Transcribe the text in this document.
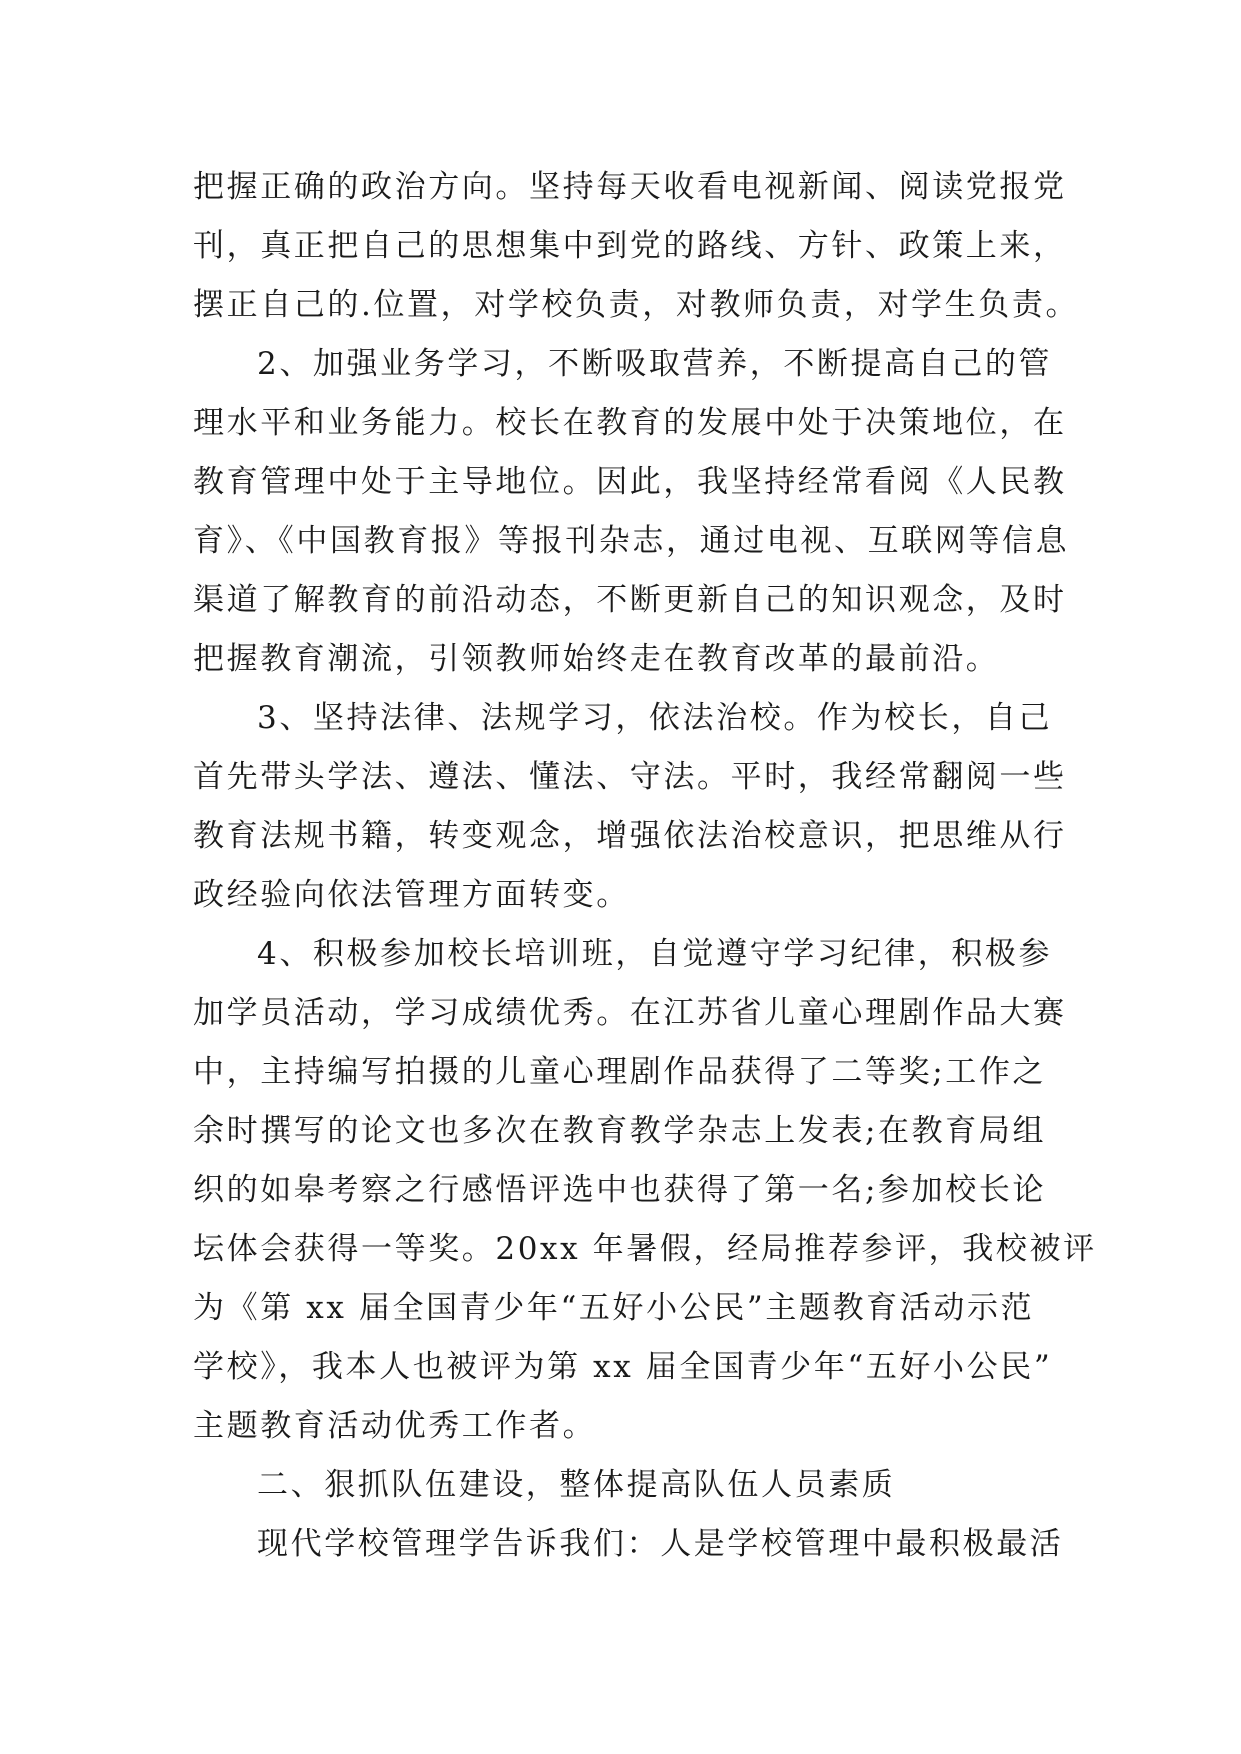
把握正确的政治方向。坚持每天收看电视新闻、阅读党报党
刊，真正把自己的思想集中到党的路线、方针、政策上来，
摆正自己的.位置，对学校负责，对教师负责，对学生负责。
2、加强业务学习，不断吸取营养，不断提高自己的管
理水平和业务能力。校长在教育的发展中处于决策地位，在
教育管理中处于主导地位。因此，我坚持经常看阅《人民教
育》、《中国教育报》等报刊杂志，通过电视、互联网等信息
渠道了解教育的前沿动态，不断更新自己的知识观念，及时
把握教育潮流，引领教师始终走在教育改革的最前沿。
3、坚持法律、法规学习，依法治校。作为校长，自己
首先带头学法、遵法、懂法、守法。平时，我经常翻阅一些
教育法规书籍，转变观念，增强依法治校意识，把思维从行
政经验向依法管理方面转变。
4、积极参加校长培训班，自觉遵守学习纪律，积极参
加学员活动，学习成绩优秀。在江苏省儿童心理剧作品大赛
中，主持编写拍摄的儿童心理剧作品获得了二等奖;工作之
余时撰写的论文也多次在教育教学杂志上发表;在教育局组
织的如皋考察之行感悟评选中也获得了第一名;参加校长论
坛体会获得一等奖。20xx 年暑假，经局推荐参评，我校被评
为《第 xx 届全国青少年“五好小公民”主题教育活动示范
学校》，我本人也被评为第 xx 届全国青少年“五好小公民”
主题教育活动优秀工作者。
二、狠抓队伍建设，整体提高队伍人员素质
现代学校管理学告诉我们：人是学校管理中最积极最活
